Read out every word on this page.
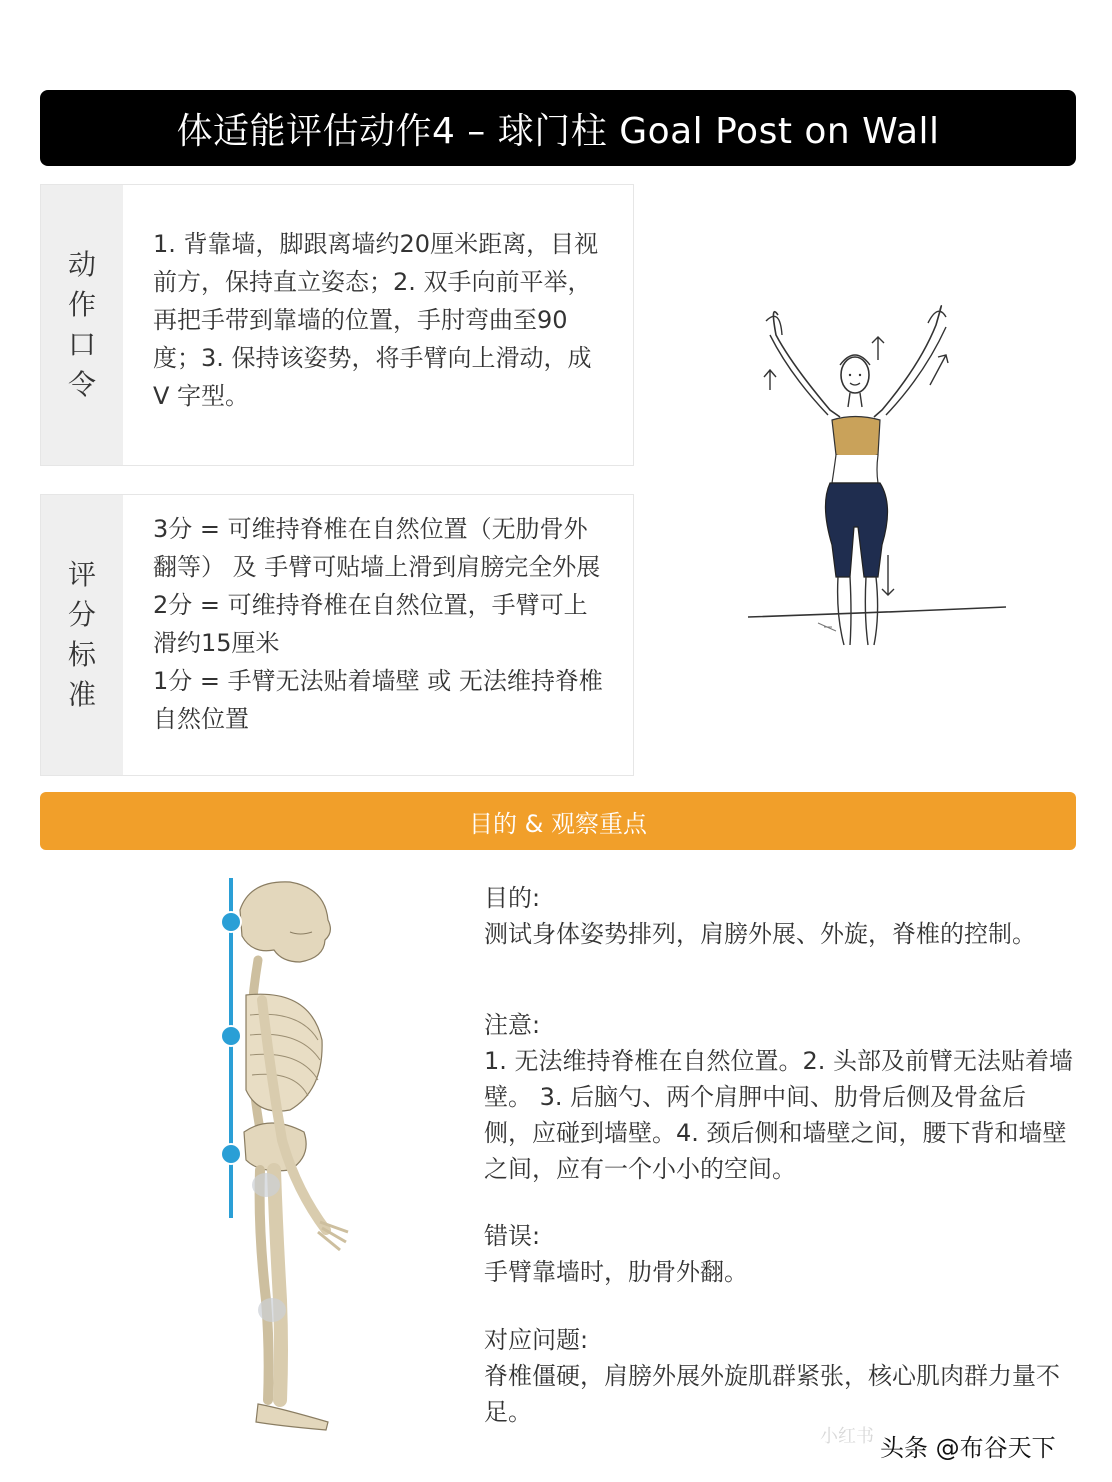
体适能评估动作4 – 球门柱 Goal Post on Wall
动作口令
1. 背靠墙，脚跟离墙约20厘米距离，目视前方，保持直立姿态；2. 双手向前平举，再把手带到靠墙的位置，手肘弯曲至90度；3. 保持该姿势，将手臂向上滑动，成 V 字型。
评分标准

3分 = 可维持脊椎在自然位置（无肋骨外翻等） 及 手臂可贴墙上滑到肩膀完全外展

2分 = 可维持脊椎在自然位置，手臂可上滑约15厘米

1分 = 手臂无法贴着墙壁 或 无法维持脊椎自然位置

目的 & 观察重点
目的:
测试身体姿势排列，肩膀外展、外旋，脊椎的控制。
注意:
1. 无法维持脊椎在自然位置。2. 头部及前臂无法贴着墙壁。 3. 后脑勺、两个肩胛中间、肋骨后侧及骨盆后侧，应碰到墙壁。4. 颈后侧和墙壁之间，腰下背和墙壁之间，应有一个小小的空间。
错误:
手臂靠墙时，肋骨外翻。
对应问题:
脊椎僵硬，肩膀外展外旋肌群紧张，核心肌肉群力量不足。
小红书 头条 @布谷天下
